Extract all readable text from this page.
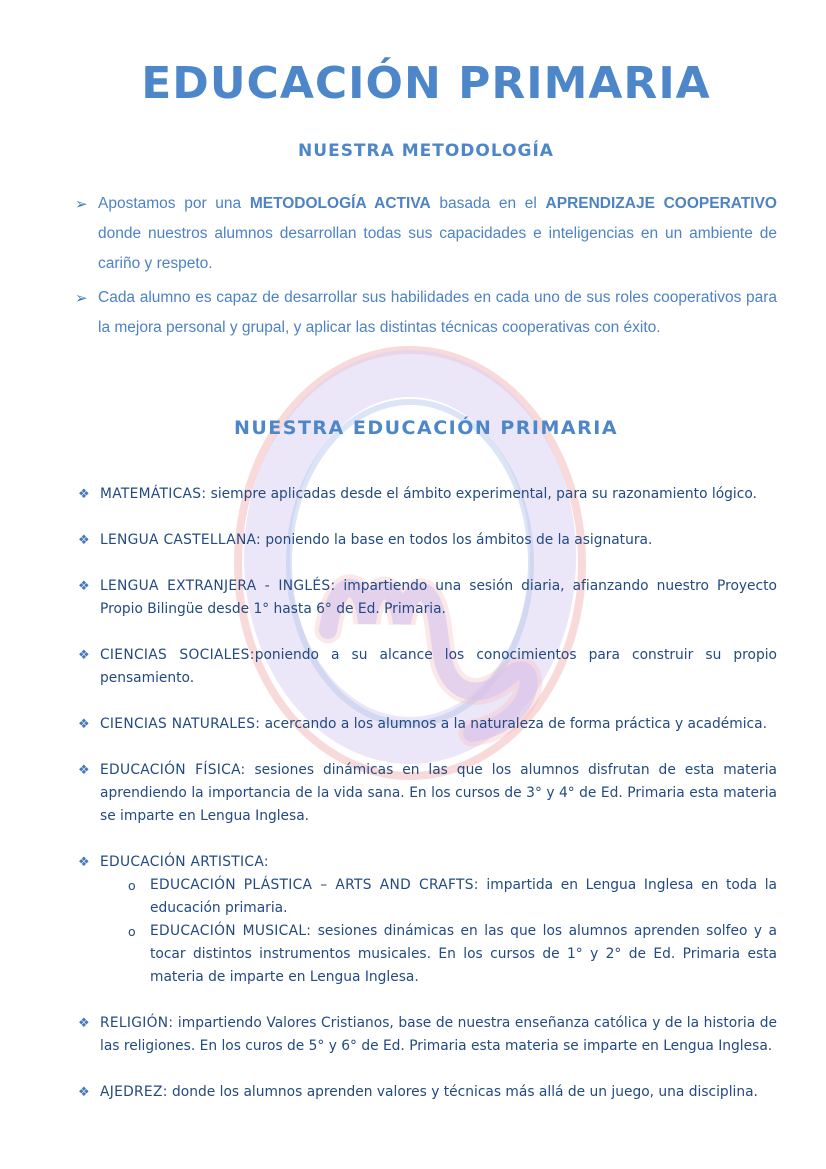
EDUCACIÓN PRIMARIA
NUESTRA METODOLOGÍA
➢ Apostamos por una METODOLOGÍA ACTIVA basada en el APRENDIZAJE COOPERATIVO donde nuestros alumnos desarrollan todas sus capacidades e inteligencias en un ambiente de cariño y respeto.

➢ Cada alumno es capaz de desarrollar sus habilidades en cada uno de sus roles cooperativos para la mejora personal y grupal, y aplicar las distintas técnicas cooperativas con éxito.

NUESTRA EDUCACIÓN PRIMARIA
❖ MATEMÁTICAS: siempre aplicadas desde el ámbito experimental, para su razonamiento lógico.
❖ LENGUA CASTELLANA: poniendo la base en todos los ámbitos de la asignatura.
❖ LENGUA EXTRANJERA - INGLÉS: impartiendo una sesión diaria, afianzando nuestro Proyecto Propio Bilingüe desde 1° hasta 6° de Ed. Primaria.
❖ CIENCIAS SOCIALES:poniendo a su alcance los conocimientos para construir su propio pensamiento.
❖ CIENCIAS NATURALES: acercando a los alumnos a la naturaleza de forma práctica y académica.
❖ EDUCACIÓN FÍSICA: sesiones dinámicas en las que los alumnos disfrutan de esta materia aprendiendo la importancia de la vida sana. En los cursos de 3° y 4° de Ed. Primaria esta materia se imparte en Lengua Inglesa.
❖ EDUCACIÓN ARTISTICA:
o	EDUCACIÓN PLÁSTICA – ARTS AND CRAFTS: impartida en Lengua Inglesa en toda la educación primaria.
o	EDUCACIÓN MUSICAL: sesiones dinámicas en las que los alumnos aprenden solfeo y a tocar distintos instrumentos musicales. En los cursos de 1° y 2° de Ed. Primaria esta materia de imparte en Lengua Inglesa.
❖ RELIGIÓN: impartiendo Valores Cristianos, base de nuestra enseñanza católica y de la historia de las religiones. En los curos de 5° y 6° de Ed. Primaria esta materia se imparte en Lengua Inglesa.
❖ AJEDREZ: donde los alumnos aprenden valores y técnicas más allá de un juego, una disciplina.
